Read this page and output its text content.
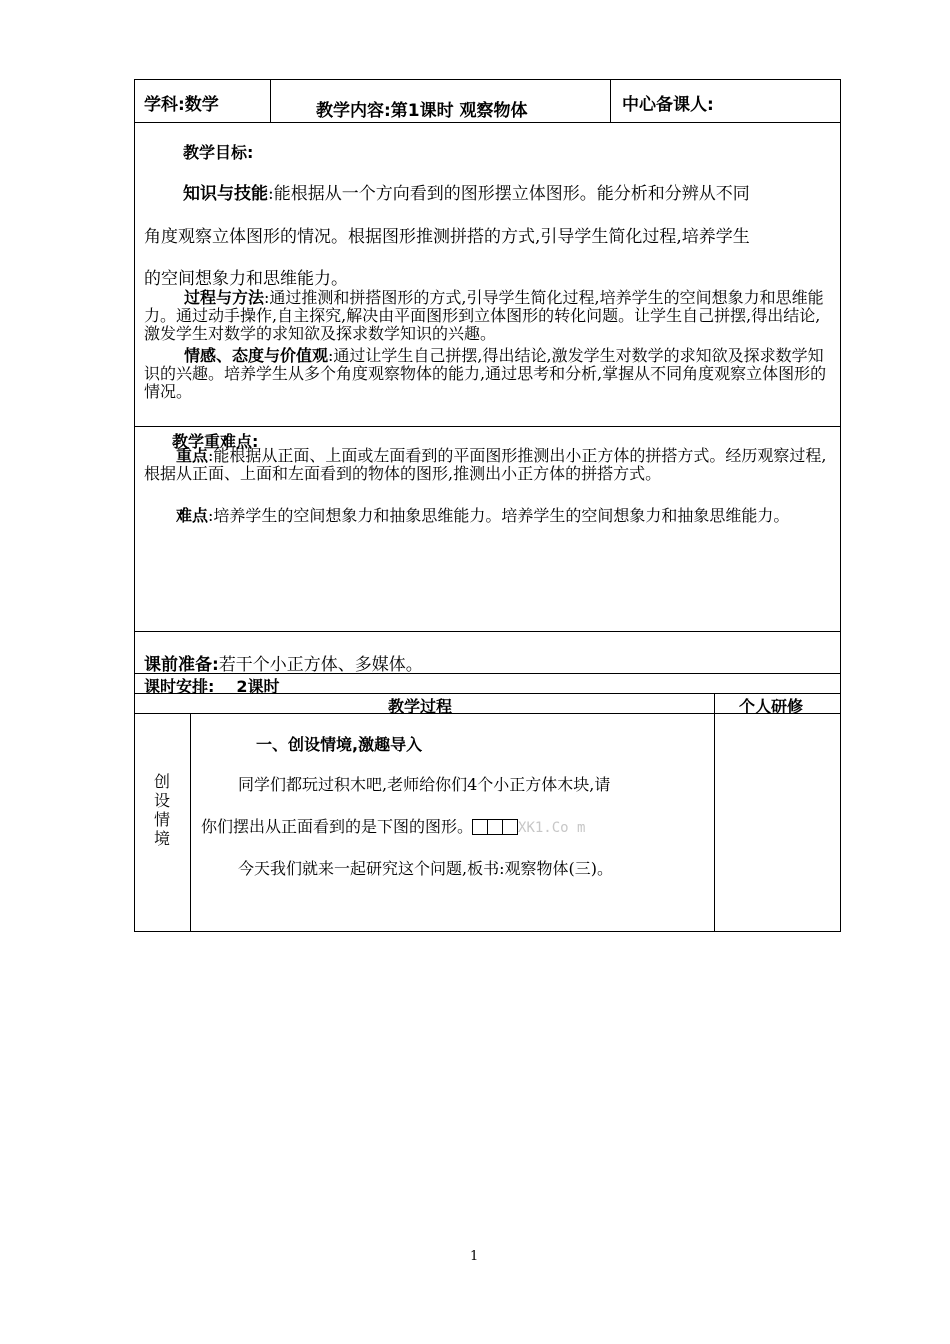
学科:数学	教学内容:第1课时 观察物体	中心备课人:
教学目标:
知识与技能:能根据从一个方向看到的图形摆立体图形。能分析和分辨从不同
角度观察立体图形的情况。根据图形推测拼搭的方式,引导学生简化过程,培养学生
的空间想象力和思维能力。
过程与方法:通过推测和拼搭图形的方式,引导学生简化过程,培养学生的空间想象力和思维能力。通过动手操作,自主探究,解决由平面图形到立体图形的转化问题。让学生自己拼摆,得出结论,激发学生对数学的求知欲及探求数学知识的兴趣。
情感、态度与价值观:通过让学生自己拼摆,得出结论,激发学生对数学的求知欲及探求数学知识的兴趣。培养学生从多个角度观察物体的能力,通过思考和分析,掌握从不同角度观察立体图形的情况。
教学重难点:
重点:能根据从正面、上面或左面看到的平面图形推测出小正方体的拼搭方式。经历观察过程,根据从正面、上面和左面看到的物体的图形,推测出小正方体的拼搭方式。
难点:培养学生的空间想象力和抽象思维能力。培养学生的空间想象力和抽象思维能力。
课前准备:若干个小正方体、多媒体。
课时安排: 2课时
教学过程	个人研修
创
设
情
境
一、创设情境,激趣导入
同学们都玩过积木吧,老师给你们4个小正方体木块,请
你们摆出从正面看到的是下图的图形。	XK1.Co m
今天我们就来一起研究这个问题,板书:观察物体(三)。
1
